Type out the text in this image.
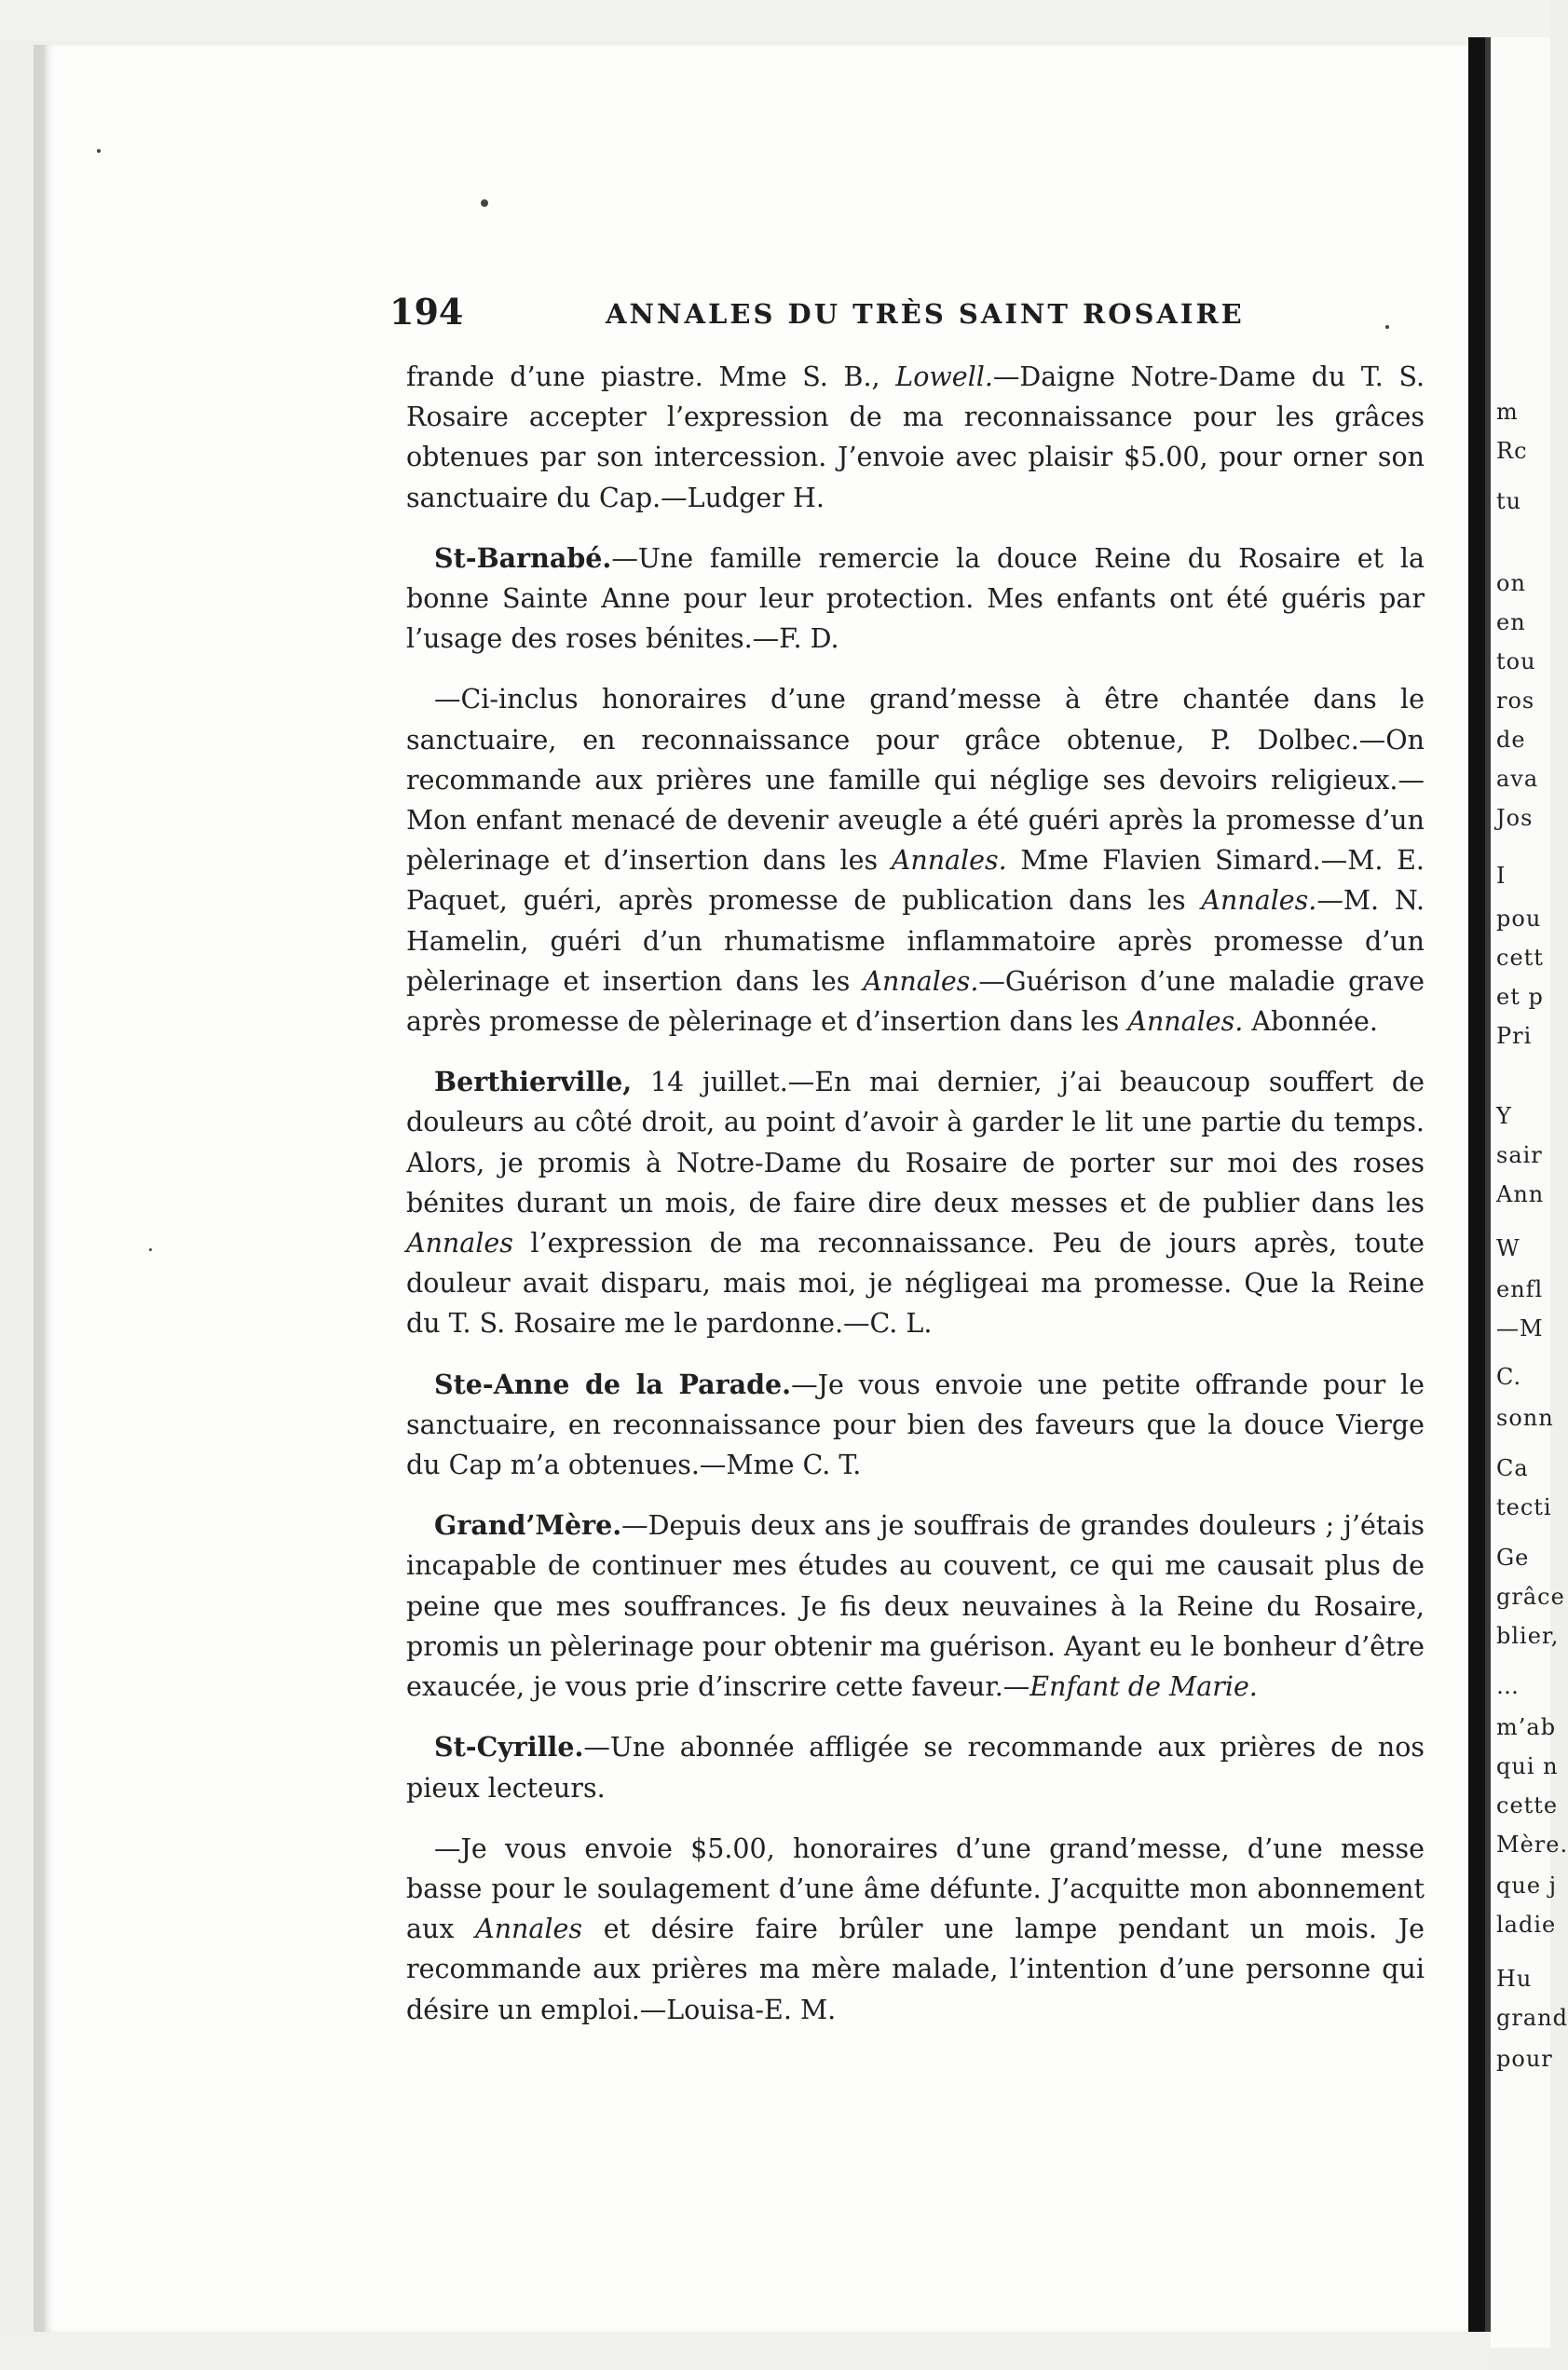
194	ANNALES DU TRÈS SAINT ROSAIRE

frande d’une piastre. Mme S. B., Lowell.—Daigne Notre-Dame du T. S. Rosaire accepter l’expression de ma reconnaissance pour les grâces obtenues par son intercession. J’envoie avec plaisir $5.00, pour orner son sanctuaire du Cap.—Ludger H.

St-Barnabé.—Une famille remercie la douce Reine du Rosaire et la bonne Sainte Anne pour leur protection. Mes enfants ont été guéris par l’usage des roses bénites.—F. D.

—Ci-inclus honoraires d’une grand’messe à être chantée dans le sanctuaire, en reconnaissance pour grâce obtenue, P. Dolbec.—On recommande aux prières une famille qui néglige ses devoirs religieux.—Mon enfant menacé de devenir aveugle a été guéri après la promesse d’un pèlerinage et d’insertion dans les Annales. Mme Flavien Simard.—M. E. Paquet, guéri, après promesse de publication dans les Annales.—M. N. Hamelin, guéri d’un rhumatisme inflammatoire après promesse d’un pèlerinage et insertion dans les Annales.—Guérison d’une maladie grave après promesse de pèlerinage et d’insertion dans les Annales. Abonnée.

Berthierville, 14 juillet.—En mai dernier, j’ai beaucoup souffert de douleurs au côté droit, au point d’avoir à garder le lit une partie du temps. Alors, je promis à Notre-Dame du Rosaire de porter sur moi des roses bénites durant un mois, de faire dire deux messes et de publier dans les Annales l’expression de ma reconnaissance. Peu de jours après, toute douleur avait disparu, mais moi, je négligeai ma promesse. Que la Reine du T. S. Rosaire me le pardonne.—C. L.

Ste-Anne de la Parade.—Je vous envoie une petite offrande pour le sanctuaire, en reconnaissance pour bien des faveurs que la douce Vierge du Cap m’a obtenues.—Mme C. T.

Grand’Mère.—Depuis deux ans je souffrais de grandes douleurs ; j’étais incapable de continuer mes études au couvent, ce qui me causait plus de peine que mes souffrances. Je fis deux neuvaines à la Reine du Rosaire, promis un pèlerinage pour obtenir ma guérison. Ayant eu le bonheur d’être exaucée, je vous prie d’inscrire cette faveur.—Enfant de Marie.

St-Cyrille.—Une abonnée affligée se recommande aux prières de nos pieux lecteurs.

—Je vous envoie $5.00, honoraires d’une grand’messe, d’une messe basse pour le soulagement d’une âme défunte. J’acquitte mon abonnement aux Annales et désire faire brûler une lampe pendant un mois. Je recommande aux prières ma mère malade, l’intention d’une personne qui désire un emploi.—Louisa-E. M.

m
Rc
tu
on
en
tou
ros
de
ava
Jos
I
pou
cett
et p
Pri
Y
sair
Ann
W
enfl
—M
C.
sonn
Ca
tecti
Ge
grâce
blier,
…
m’ab
qui n
cette
Mère.
que j
ladie
Hu
grand
pour
